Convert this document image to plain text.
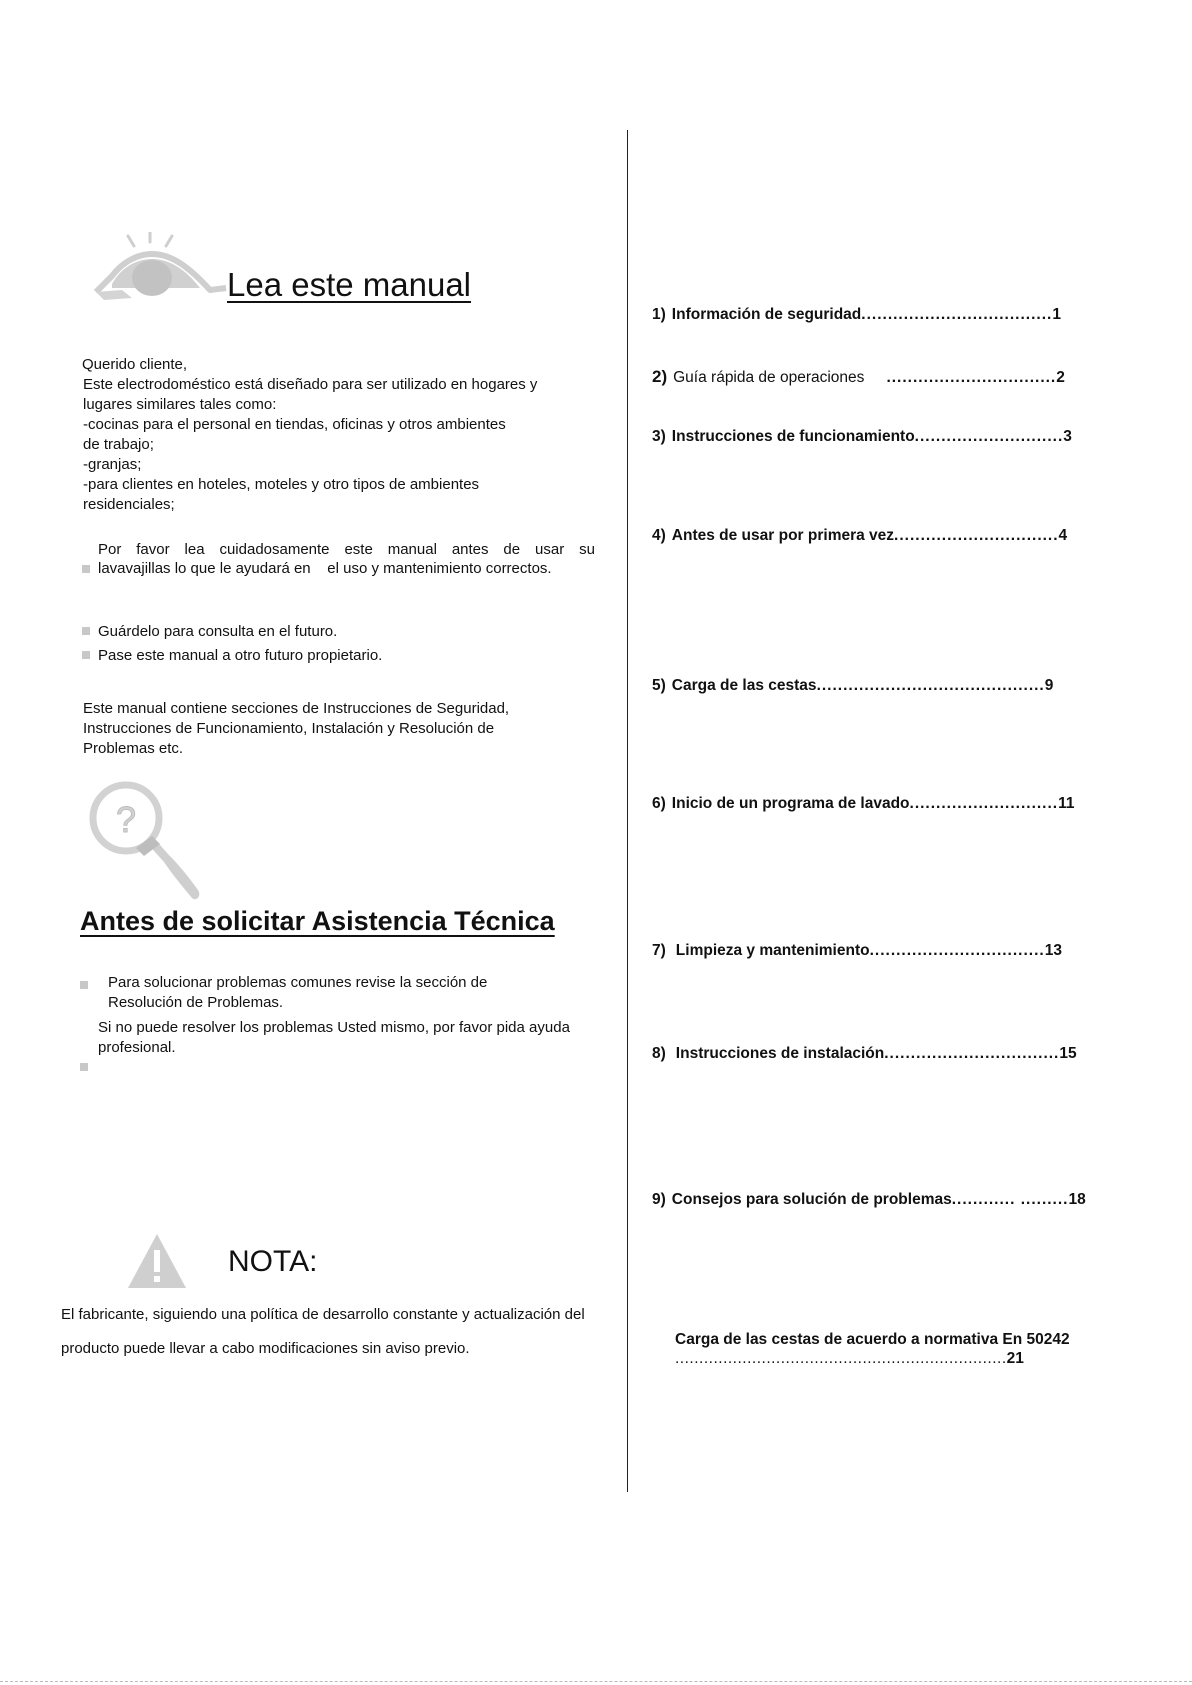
Lea este manual
Querido cliente,
Este electrodoméstico está diseñado para ser utilizado en hogares y
lugares similares tales como:
-cocinas para el personal en tiendas, oficinas y otros ambientes
de trabajo;
-granjas;
-para clientes en hoteles, moteles y otro tipos de ambientes
residenciales;
Por favor lea cuidadosamente este manual antes de usar su
lavavajillas lo que le ayudará en    el uso y mantenimiento correctos.
Guárdelo para consulta en el futuro.
Pase este manual a otro futuro propietario.
Este manual contiene secciones de Instrucciones de Seguridad,
Instrucciones de Funcionamiento, Instalación y Resolución de
Problemas etc.
?
Antes de solicitar Asistencia Técnica
Para solucionar problemas comunes revise la sección de
Resolución de Problemas.
Si no puede resolver los problemas Usted mismo, por favor pida ayuda
profesional.
NOTA:
El fabricante, siguiendo una política de desarrollo constante y actualización del
producto puede llevar a cabo modificaciones sin aviso previo.
1) Información de seguridad .................................... 1
2) Guía rápida de operaciones ................................ 2
3) Instrucciones de funcionamiento ............................ 3
4) Antes de usar por primera vez ............................... 4
5) Carga de las cestas ........................................... 9
6) Inicio de un programa de lavado ............................ 11
7) Limpieza y mantenimiento ................................. 13
8) Instrucciones de instalación ................................. 15
9) Consejos para solución de problemas ............ ......... 18
Carga de las cestas de acuerdo a normativa En 50242
..................................................................... 21
